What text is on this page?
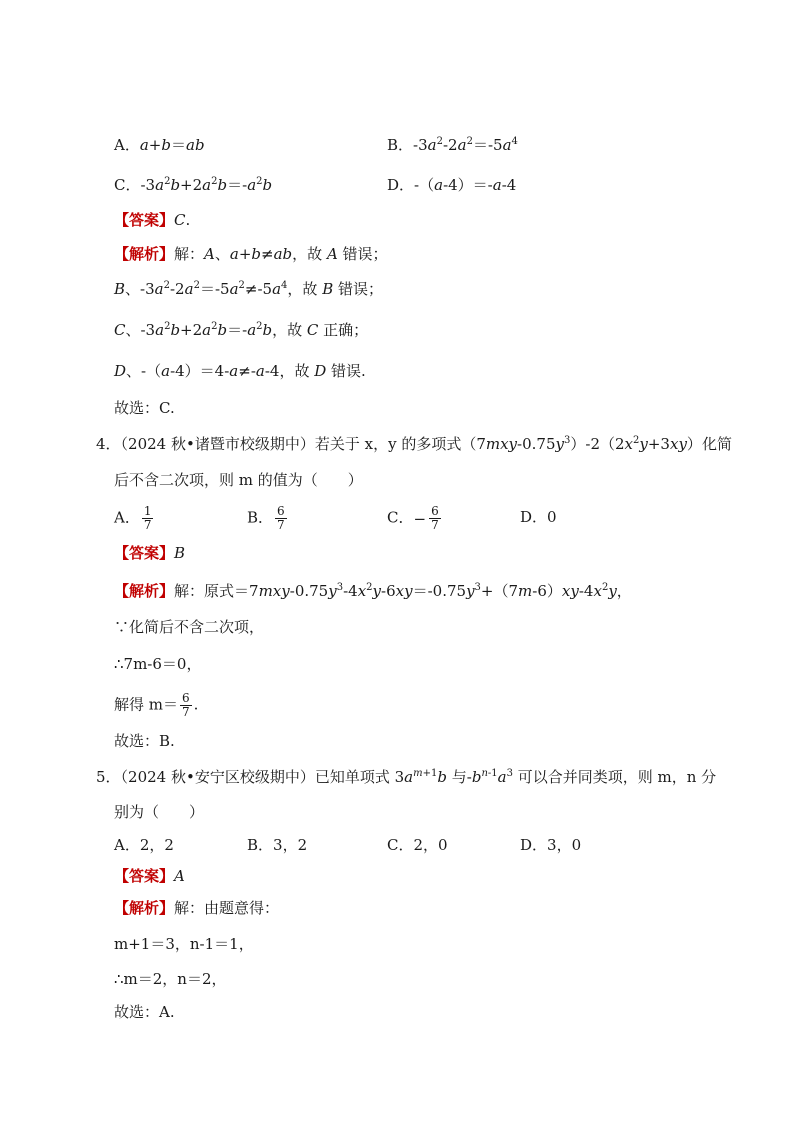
A．a+b＝ab	B．$-3a^2-2a^2=-5a^4$
C．$-3a^2b+2a^2b=-a^2b$	D．-（a-4）＝-a-4
【答案】C.
【解析】解：A、a+b≠ab，故 A 错误；
B、$-3a^2-2a^2=-5a^2\ne-5a^4$，故 B 错误；
C、$-3a^2b+2a^2b=-a^2b$，故 C 正确；
D、-（a-4）＝4-a≠-a-4，故 D 错误.
故选：C.
4．（2024 秋•诸暨市校级期中）若关于 x，y 的多项式$(7mxy-0.75y^3)-2(2x^2y+3xy)$化简
后不含二次项，则 m 的值为（　　）
A． $\frac{1}{7}$	B． $\frac{6}{7}$	C．− $\frac{6}{7}$	D．0
【答案】B
【解析】解：原式$=7mxy-0.75y^3-4x^2y-6xy=-0.75y^3+(7m-6)xy-4x^2y$，
∵化简后不含二次项，
∴7m-6＝0，
解得 $m= \frac{6}{7}$ .
故选：B.
5．（2024 秋•安宁区校级期中）已知单项式 $3a^{m+1}b$ 与$-b^{n-1}a^3$ 可以合并同类项，则 m，n 分
别为（　　）
A．2，2	B．3，2	C．2，0	D．3，0
【答案】A
【解析】解：由题意得：
m+1＝3，n-1＝1，
∴m＝2，n＝2，
故选：A.
